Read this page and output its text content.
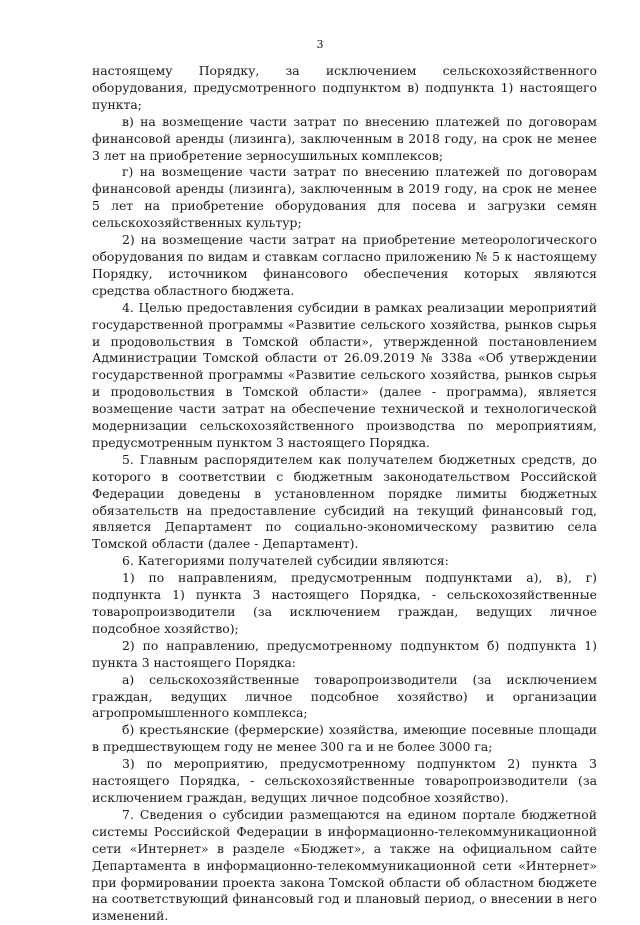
3

настоящему Порядку, за исключением сельскохозяйственного оборудования, предусмотренного подпунктом в) подпункта 1) настоящего пункта;

в) на возмещение части затрат по внесению платежей по договорам финансовой аренды (лизинга), заключенным в 2018 году, на срок не менее 3 лет на приобретение зерносушильных комплексов;

г) на возмещение части затрат по внесению платежей по договорам финансовой аренды (лизинга), заключенным в 2019 году, на срок не менее 5 лет на приобретение оборудования для посева и загрузки семян сельскохозяйственных культур;

2) на возмещение части затрат на приобретение метеорологического оборудования по видам и ставкам согласно приложению № 5 к настоящему Порядку, источником финансового обеспечения которых являются средства областного бюджета.

4. Целью предоставления субсидии в рамках реализации мероприятий государственной программы «Развитие сельского хозяйства, рынков сырья и продовольствия в Томской области», утвержденной постановлением Администрации Томской области от 26.09.2019 № 338а «Об утверждении государственной программы «Развитие сельского хозяйства, рынков сырья и продовольствия в Томской области» (далее - программа), является возмещение части затрат на обеспечение технической и технологической модернизации сельскохозяйственного производства по мероприятиям, предусмотренным пунктом 3 настоящего Порядка.

5. Главным распорядителем как получателем бюджетных средств, до которого в соответствии с бюджетным законодательством Российской Федерации доведены в установленном порядке лимиты бюджетных обязательств на предоставление субсидий на текущий финансовый год, является Департамент по социально-экономическому развитию села Томской области (далее - Департамент).

6. Категориями получателей субсидии являются:

1) по направлениям, предусмотренным подпунктами а), в), г) подпункта 1) пункта 3 настоящего Порядка, - сельскохозяйственные товаропроизводители (за исключением граждан, ведущих личное подсобное хозяйство);

2) по направлению, предусмотренному подпунктом б) подпункта 1) пункта 3 настоящего Порядка:

а) сельскохозяйственные товаропроизводители (за исключением граждан, ведущих личное подсобное хозяйство) и организации агропромышленного комплекса;

б) крестьянские (фермерские) хозяйства, имеющие посевные площади в предшествующем году не менее 300 га и не более 3000 га;

3) по мероприятию, предусмотренному подпунктом 2) пункта 3 настоящего Порядка, - сельскохозяйственные товаропроизводители (за исключением граждан, ведущих личное подсобное хозяйство).

7. Сведения о субсидии размещаются на едином портале бюджетной системы Российской Федерации в информационно-телекоммуникационной сети «Интернет» в разделе «Бюджет», а также на официальном сайте Департамента в информационно-телекоммуникационной сети «Интернет» при формировании проекта закона Томской области об областном бюджете на соответствующий финансовый год и плановый период, о внесении в него изменений.
